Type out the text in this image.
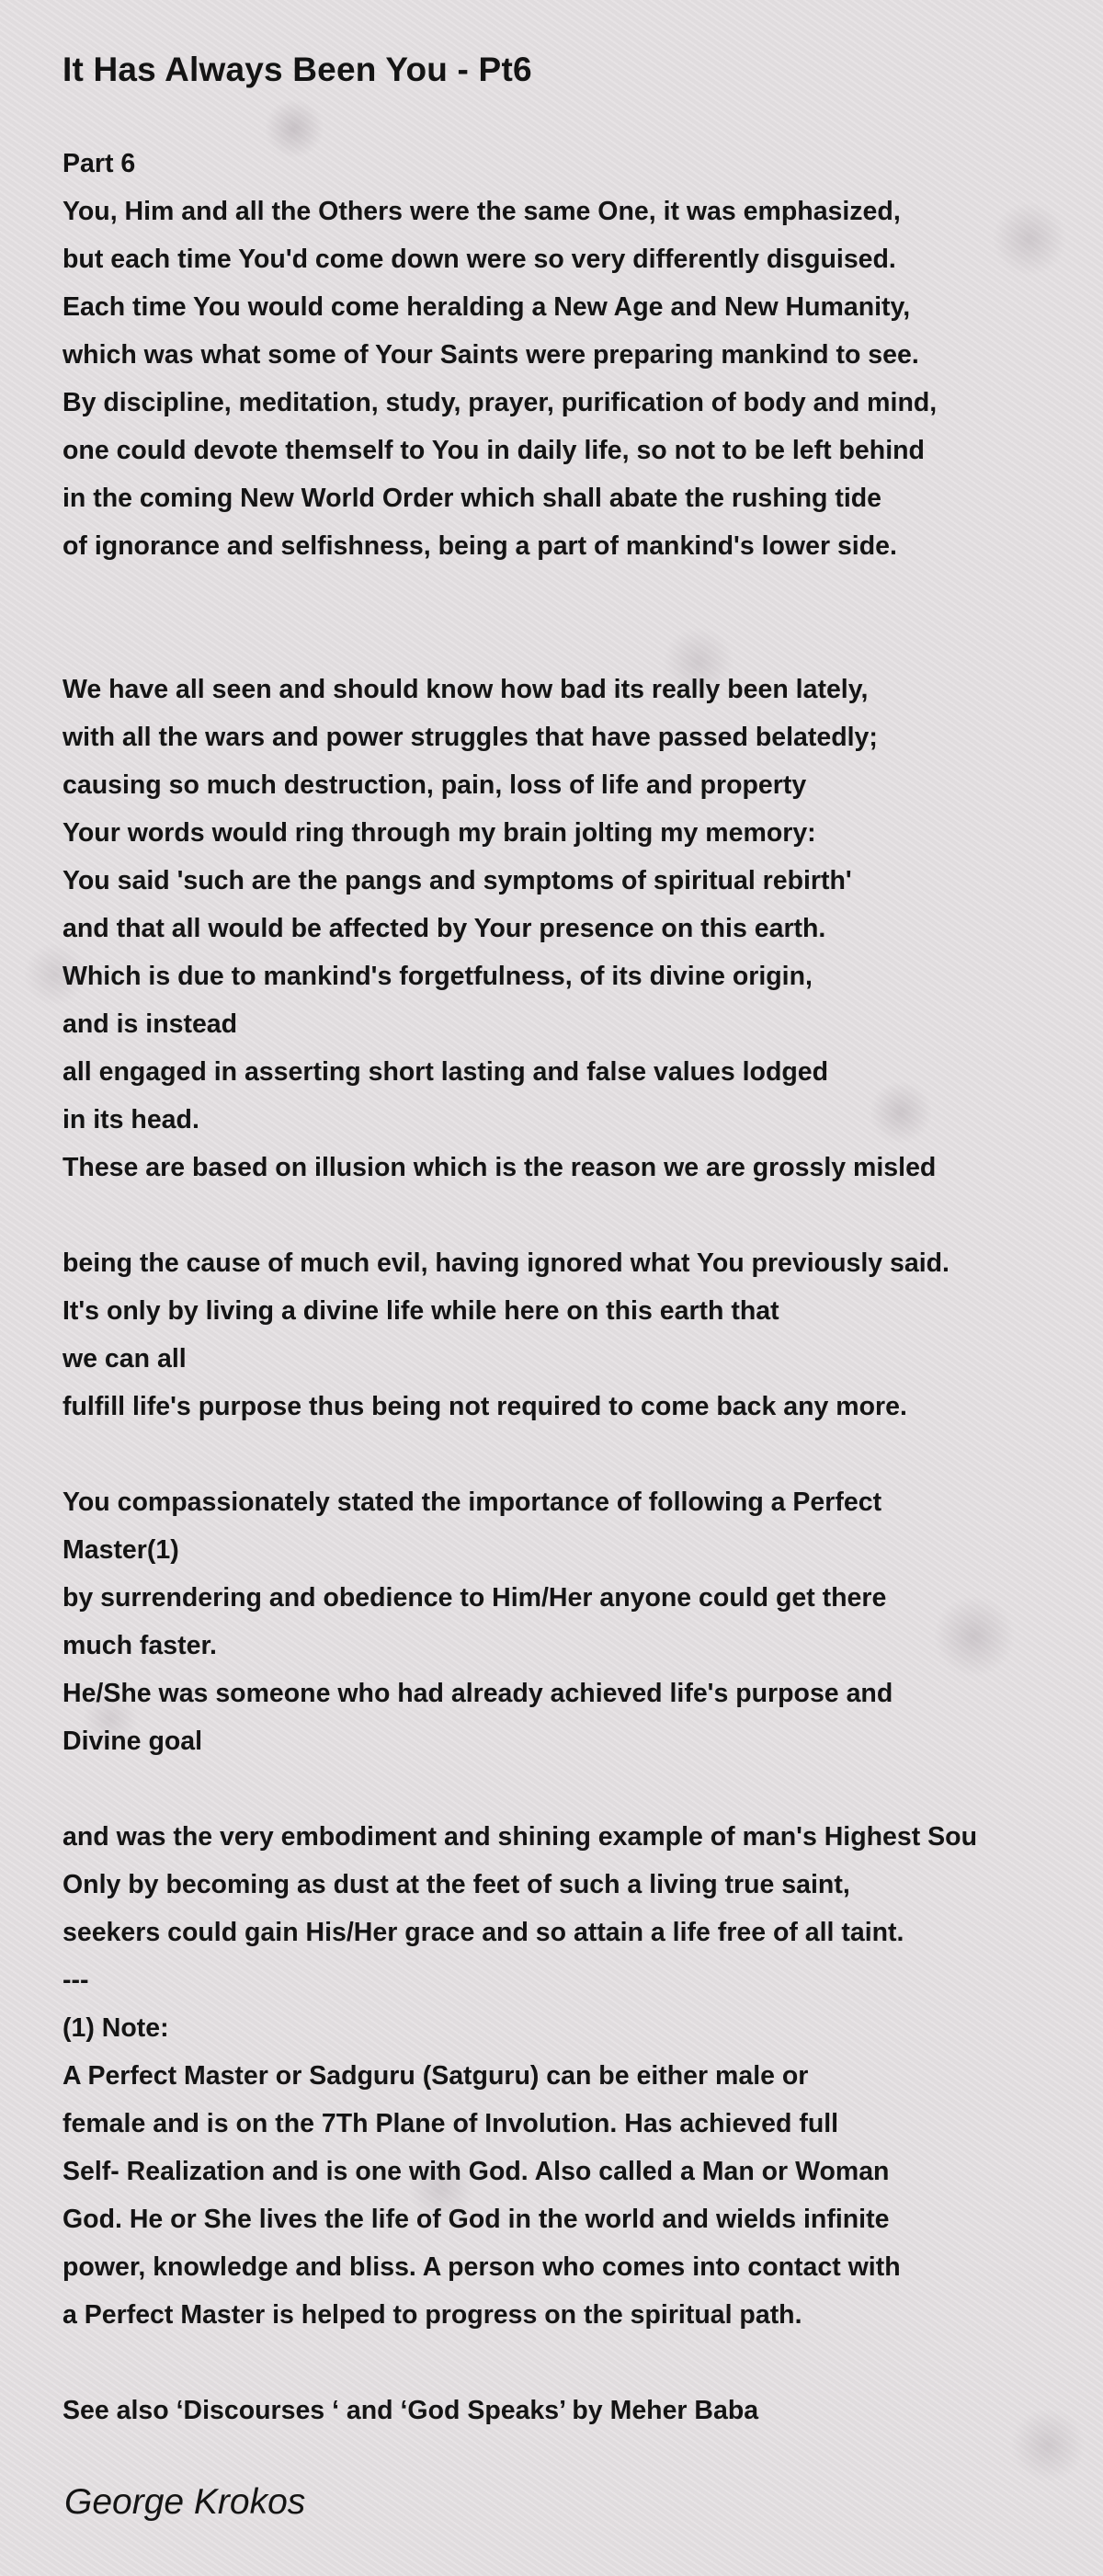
It Has Always Been You - Pt6
Part 6
You, Him and all the Others were the same One, it was emphasized,
but each time You'd come down were so very differently disguised.
Each time You would come heralding a New Age and New Humanity,
which was what some of Your Saints were preparing mankind to see.
By discipline, meditation, study, prayer, purification of body and mind,
one could devote themself to You in daily life, so not to be left behind
in the coming New World Order which shall abate the rushing tide
of ignorance and selfishness, being a part of mankind's lower side.
We have all seen and should know how bad its really been lately,
with all the wars and power struggles that have passed belatedly;
causing so much destruction, pain, loss of life and property
Your words would ring through my brain jolting my memory:
You said 'such are the pangs and symptoms of spiritual rebirth'
and that all would be affected by Your presence on this earth.
Which is due to mankind's forgetfulness, of its divine origin,
and is instead
all engaged in asserting short lasting and false values lodged
in its head.
These are based on illusion which is the reason we are grossly misled
being the cause of much evil, having ignored what You previously said.
It's only by living a divine life while here on this earth that
we can all
fulfill life's purpose thus being not required to come back any more.
You compassionately stated the importance of following a Perfect
Master(1)
by surrendering and obedience to Him/Her anyone could get there
much faster.
He/She was someone who had already achieved life's purpose and
Divine goal
and was the very embodiment and shining example of man's Highest Sou
Only by becoming as dust at the feet of such a living true saint,
seekers could gain His/Her grace and so attain a life free of all taint.
---
(1) Note:
A Perfect Master or Sadguru (Satguru) can be either male or
female and is on the 7Th Plane of Involution. Has achieved full
Self- Realization and is one with God. Also called a Man or Woman
God. He or She lives the life of God in the world and wields infinite
power, knowledge and bliss. A person who comes into contact with
a Perfect Master is helped to progress on the spiritual path.
See also ‘Discourses ‘ and ‘God Speaks’ by Meher Baba
George Krokos
